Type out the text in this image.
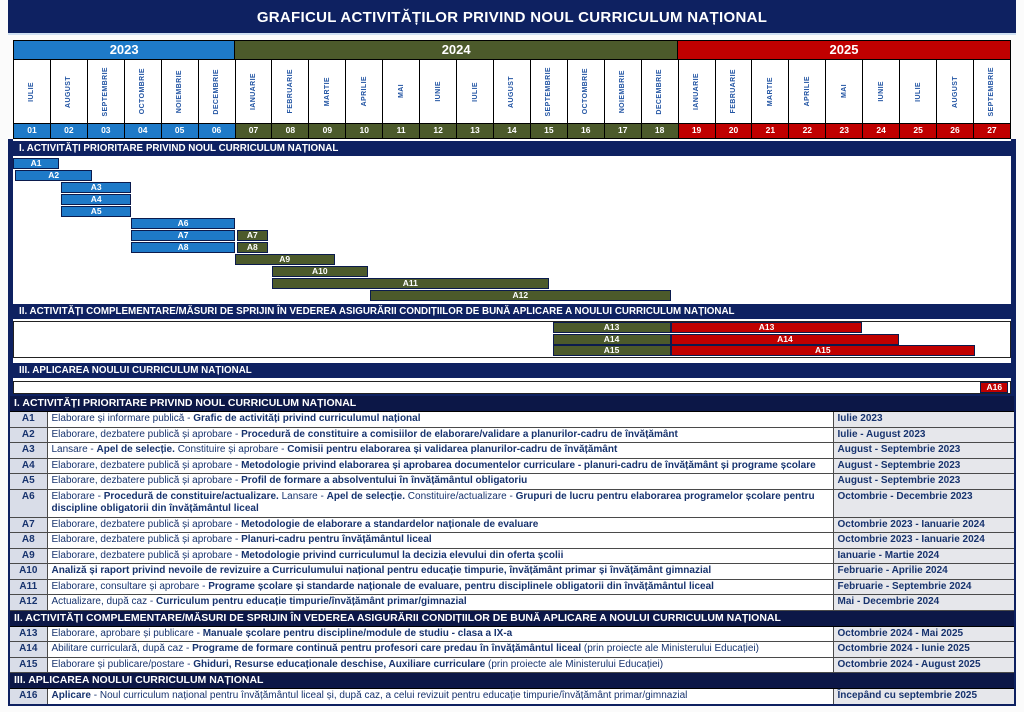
GRAFICUL ACTIVITĂȚILOR PRIVIND NOUL CURRICULUM NAȚIONAL
2023	2024	2025
IULIE	AUGUST	SEPTEMBRIE	OCTOMBRIE	NOIEMBRIE	DECEMBRIE	IANUARIE	FEBRUARIE	MARTIE	APRILIE	MAI	IUNIE	IULIE	AUGUST	SEPTEMBRIE	OCTOMBRIE	NOIEMBRIE	DECEMBRIE	IANUARIE	FEBRUARIE	MARTIE	APRILIE	MAI	IUNIE	IULIE	AUGUST	SEPTEMBRIE
01	02	03	04	05	06	07	08	09	10	11	12	13	14	15	16	17	18	19	20	21	22	23	24	25	26	27
I. ACTIVITĂȚI PRIORITARE PRIVIND NOUL CURRICULUM NAȚIONAL
A1
A2
A3
A4
A5
A6
A7	A7
A8	A8
A9
A10
A11
A12
II. ACTIVITĂȚI COMPLEMENTARE/MĂSURI DE SPRIJIN ÎN VEDEREA ASIGURĂRII CONDIȚIILOR DE BUNĂ APLICARE A NOULUI CURRICULUM NAȚIONAL
A13	A13
A14	A14
A15	A15
III. APLICAREA NOULUI CURRICULUM NAȚIONAL
A16
I. ACTIVITĂȚI PRIORITARE PRIVIND NOUL CURRICULUM NAȚIONAL		
A1	Elaborare și informare publică - Grafic de activități privind curriculumul național	Iulie 2023
A2	Elaborare, dezbatere publică și aprobare - Procedură de constituire a comisiilor de elaborare/validare a planurilor-cadru de învățământ	Iulie - August 2023
A3	Lansare - Apel de selecție. Constituire și aprobare - Comisii pentru elaborarea și validarea planurilor-cadru de învățământ	August - Septembrie 2023
A4	Elaborare, dezbatere publică și aprobare - Metodologie privind elaborarea și aprobarea documentelor curriculare - planuri-cadru de învățământ și programe școlare	August - Septembrie 2023
A5	Elaborare, dezbatere publică și aprobare - Profil de formare a absolventului în învățământul obligatoriu	August - Septembrie 2023
A6	Elaborare - Procedură de constituire/actualizare. Lansare - Apel de selecție. Constituire/actualizare - Grupuri de lucru pentru elaborarea programelor școlare pentru discipline obligatorii din învățământul liceal	Octombrie - Decembrie 2023
A7	Elaborare, dezbatere publică și aprobare - Metodologie de elaborare a standardelor naționale de evaluare	Octombrie 2023 - Ianuarie 2024
A8	Elaborare, dezbatere publică și aprobare - Planuri-cadru pentru învățământul liceal	Octombrie 2023 - Ianuarie 2024
A9	Elaborare, dezbatere publică și aprobare - Metodologie privind curriculumul la decizia elevului din oferta școlii	Ianuarie - Martie 2024
A10	Analiză și raport privind nevoile de revizuire a Curriculumului național pentru educație timpurie, învățământ primar și învățământ gimnazial	Februarie - Aprilie 2024
A11	Elaborare, consultare și aprobare - Programe școlare și standarde naționale de evaluare, pentru disciplinele obligatorii din învățământul liceal	Februarie - Septembrie 2024
A12	Actualizare, după caz - Curriculum pentru educație timpurie/învățământ primar/gimnazial	Mai - Decembrie 2024
II. ACTIVITĂȚI COMPLEMENTARE/MĂSURI DE SPRIJIN ÎN VEDEREA ASIGURĂRII CONDIȚIILOR DE BUNĂ APLICARE A NOULUI CURRICULUM NAȚIONAL		
A13	Elaborare, aprobare și publicare - Manuale școlare pentru discipline/module de studiu - clasa a IX-a	Octombrie 2024 - Mai 2025
A14	Abilitare curriculară, după caz - Programe de formare continuă pentru profesori care predau în învățământul liceal (prin proiecte ale Ministerului Educației)	Octombrie 2024 - Iunie 2025
A15	Elaborare și publicare/postare - Ghiduri, Resurse educaționale deschise, Auxiliare curriculare (prin proiecte ale Ministerului Educației)	Octombrie 2024 - August 2025
III. APLICAREA NOULUI CURRICULUM NAȚIONAL		
A16	Aplicare - Noul curriculum național pentru învățământul liceal și, după caz, a celui revizuit pentru educație timpurie/învățământ primar/gimnazial	Începând cu septembrie 2025
